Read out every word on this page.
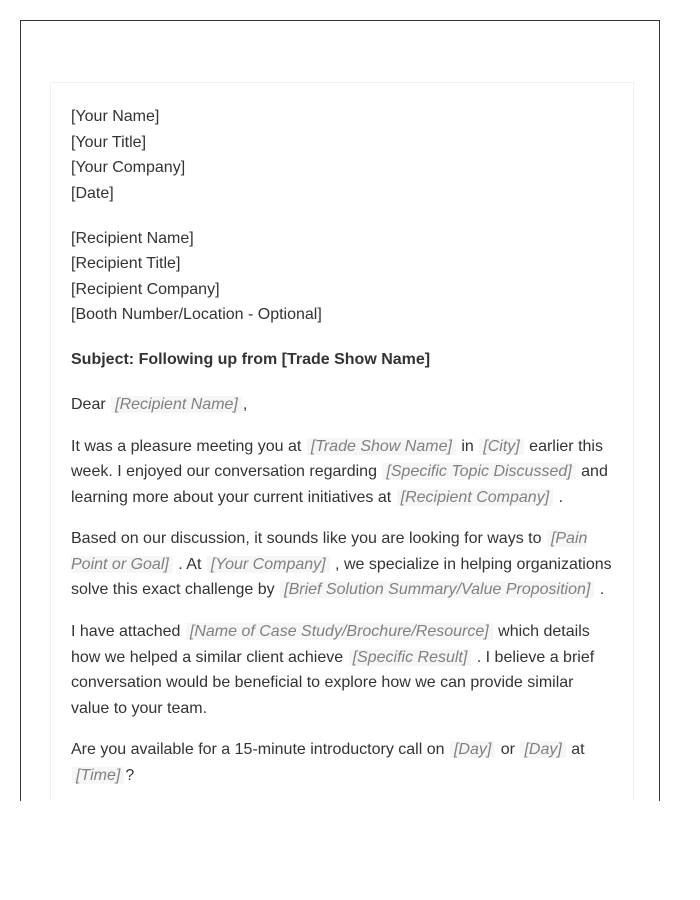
[Your Name]
[Your Title]
[Your Company]
[Date]
[Recipient Name]
[Recipient Title]
[Recipient Company]
[Booth Number/Location - Optional]
Subject: Following up from [Trade Show Name]

Dear [Recipient Name] ,

It was a pleasure meeting you at [Trade Show Name] in [City] earlier this week. I enjoyed our conversation regarding [Specific Topic Discussed] and learning more about your current initiatives at [Recipient Company] .

Based on our discussion, it sounds like you are looking for ways to [Pain Point or Goal] . At [Your Company] , we specialize in helping organizations solve this exact challenge by [Brief Solution Summary/Value Proposition] .

I have attached [Name of Case Study/Brochure/Resource] which details how we helped a similar client achieve [Specific Result] . I believe a brief conversation would be beneficial to explore how we can provide similar value to your team.

Are you available for a 15-minute introductory call on [Day] or [Day] at [Time] ?
